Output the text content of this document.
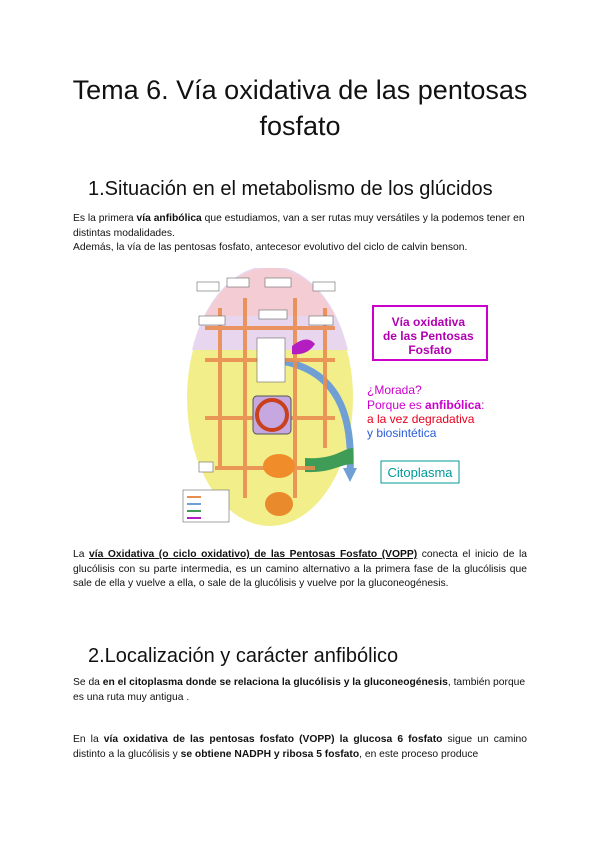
Tema 6. Vía oxidativa de las pentosas fosfato
1.Situación en el metabolismo de los glúcidos

Es la primera vía anfibólica que estudiamos, van a ser rutas muy versátiles y la podemos tener en distintas modalidades.

Además, la vía de las pentosas fosfato, antecesor evolutivo del ciclo de calvin benson.

Vía oxidativa de las Pentosas Fosfato
¿Morada?
Porque es anfibólica:
a la vez degradativa
y biosintética
Citoplasma

La vía Oxidativa (o ciclo oxidativo) de las Pentosas Fosfato (VOPP) conecta el inicio de la glucólisis con su parte intermedia, es un camino alternativo a la primera fase de la glucólisis que sale de ella y vuelve a ella, o sale de la glucólisis y vuelve por la gluconeogénesis.

2.Localización y carácter anfibólico

Se da en el citoplasma donde se relaciona la glucólisis y la gluconeogénesis, también porque es una ruta muy antigua .

En la vía oxidativa de las pentosas fosfato (VOPP) la glucosa 6 fosfato sigue un camino distinto a la glucólisis y se obtiene NADPH y ribosa 5 fosfato, en este proceso produce
